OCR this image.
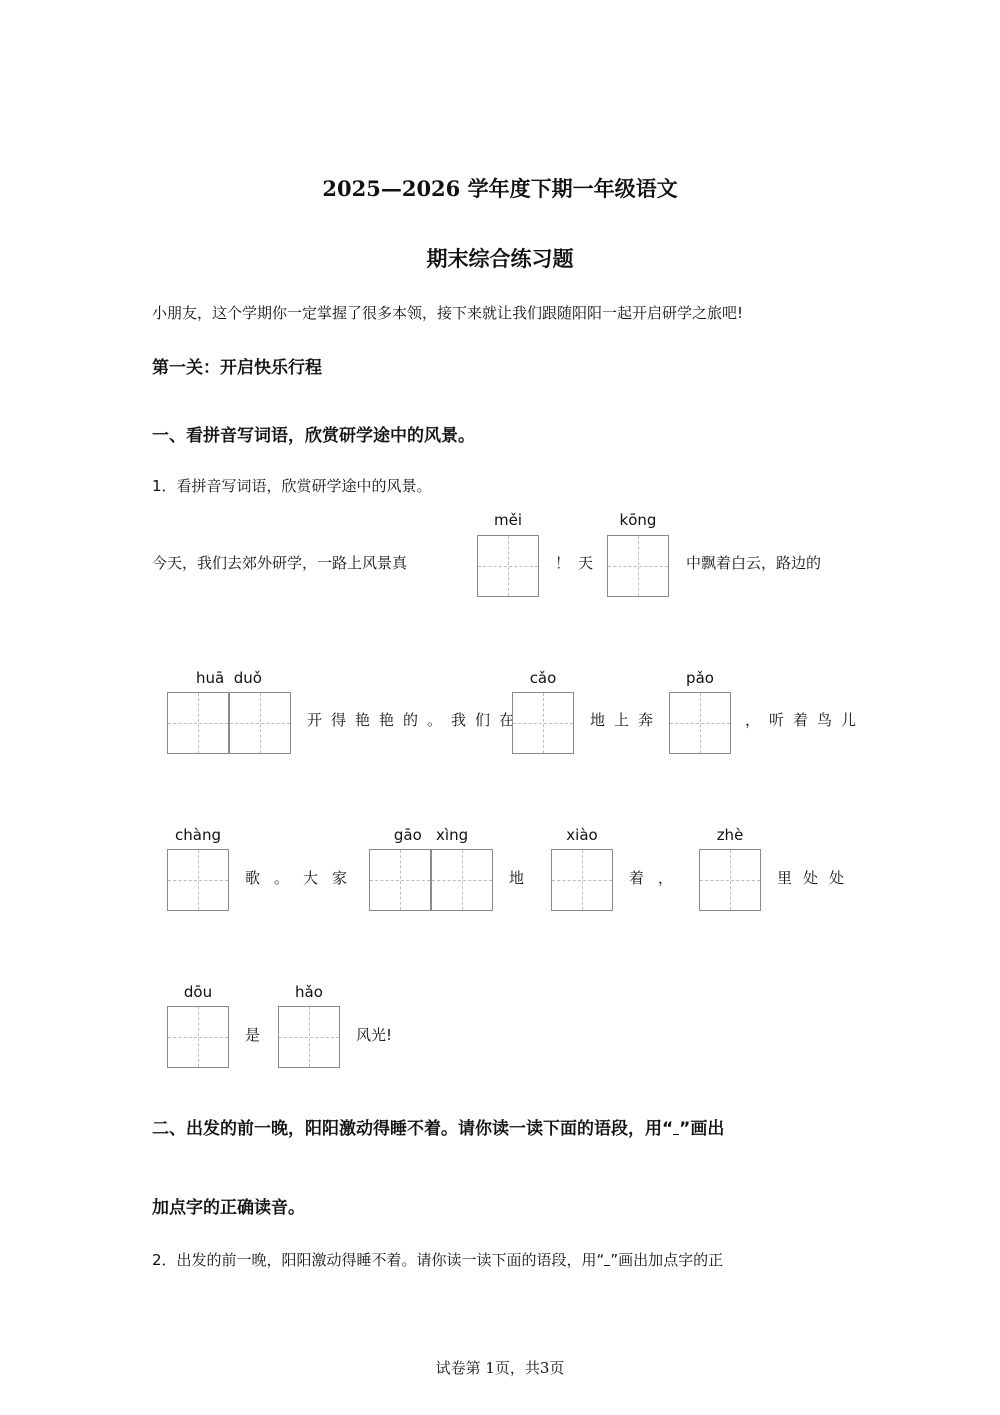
2025—2026 学年度下期一年级语文
期末综合练习题
小朋友，这个学期你一定掌握了很多本领，接下来就让我们跟随阳阳一起开启研学之旅吧!
第一关：开启快乐行程
一、看拼音写词语，欣赏研学途中的风景。
1．看拼音写词语，欣赏研学途中的风景。
今天，我们去郊外研学，一路上风景真
měi
！天
kōng
中飘着白云，路边的
huā  duǒ
开得艳艳的。我们在
cǎo
地上奔
pǎo
，听着鸟儿
chàng
歌。大家
gāo   xìng
地
xiào
着，
zhè
里处处
dōu
是
hǎo
风光!
二、出发的前一晚，阳阳激动得睡不着。请你读一读下面的语段，用“ ”画出
加点字的正确读音。
2．出发的前一晚，阳阳激动得睡不着。请你读一读下面的语段，用“ ”画出加点字的正
试卷第 1页，共3页
